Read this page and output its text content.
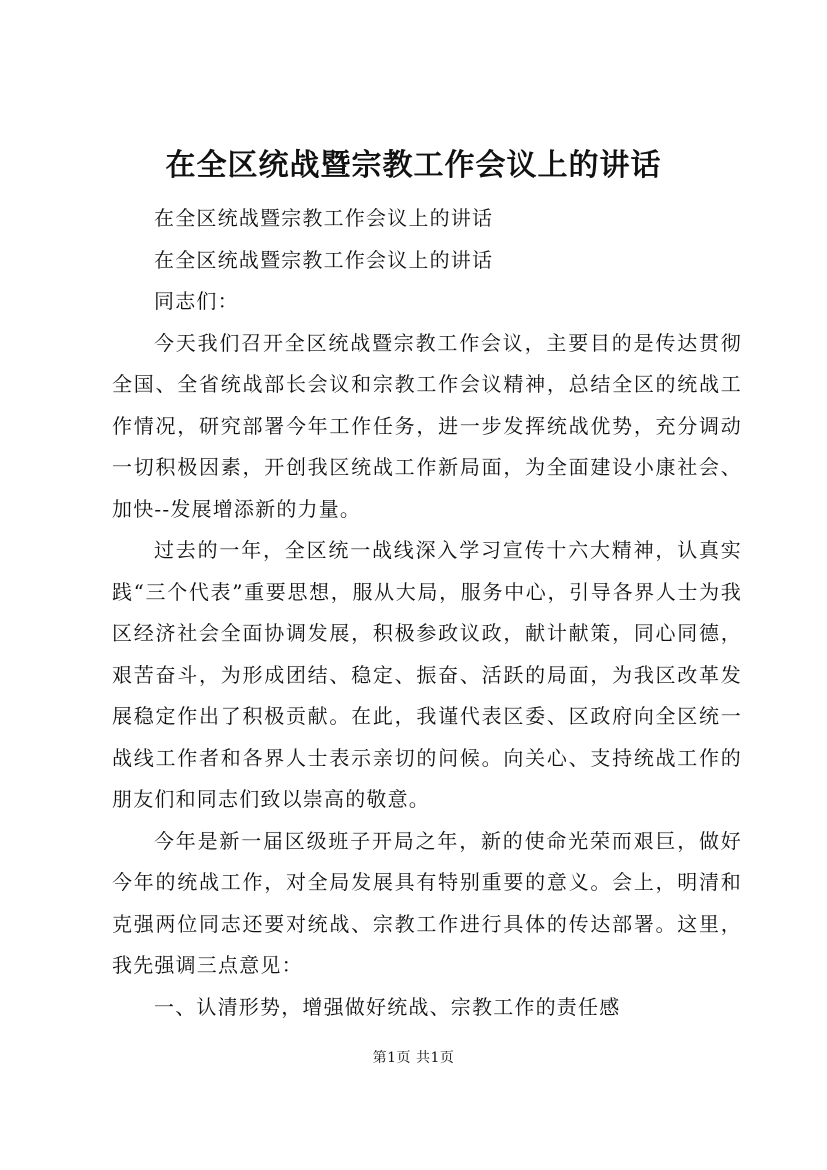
在全区统战暨宗教工作会议上的讲话

在全区统战暨宗教工作会议上的讲话

在全区统战暨宗教工作会议上的讲话

同志们：

今天我们召开全区统战暨宗教工作会议，主要目的是传达贯彻全国、全省统战部长会议和宗教工作会议精神，总结全区的统战工作情况，研究部署今年工作任务，进一步发挥统战优势，充分调动一切积极因素，开创我区统战工作新局面，为全面建设小康社会、加快--发展增添新的力量。

过去的一年，全区统一战线深入学习宣传十六大精神，认真实践“三个代表”重要思想，服从大局，服务中心，引导各界人士为我区经济社会全面协调发展，积极参政议政，献计献策，同心同德，艰苦奋斗，为形成团结、稳定、振奋、活跃的局面，为我区改革发展稳定作出了积极贡献。在此，我谨代表区委、区政府向全区统一战线工作者和各界人士表示亲切的问候。向关心、支持统战工作的朋友们和同志们致以崇高的敬意。

今年是新一届区级班子开局之年，新的使命光荣而艰巨，做好今年的统战工作，对全局发展具有特别重要的意义。会上，明清和克强两位同志还要对统战、宗教工作进行具体的传达部署。这里，我先强调三点意见：

一、认清形势，增强做好统战、宗教工作的责任感

第1页 共1页
